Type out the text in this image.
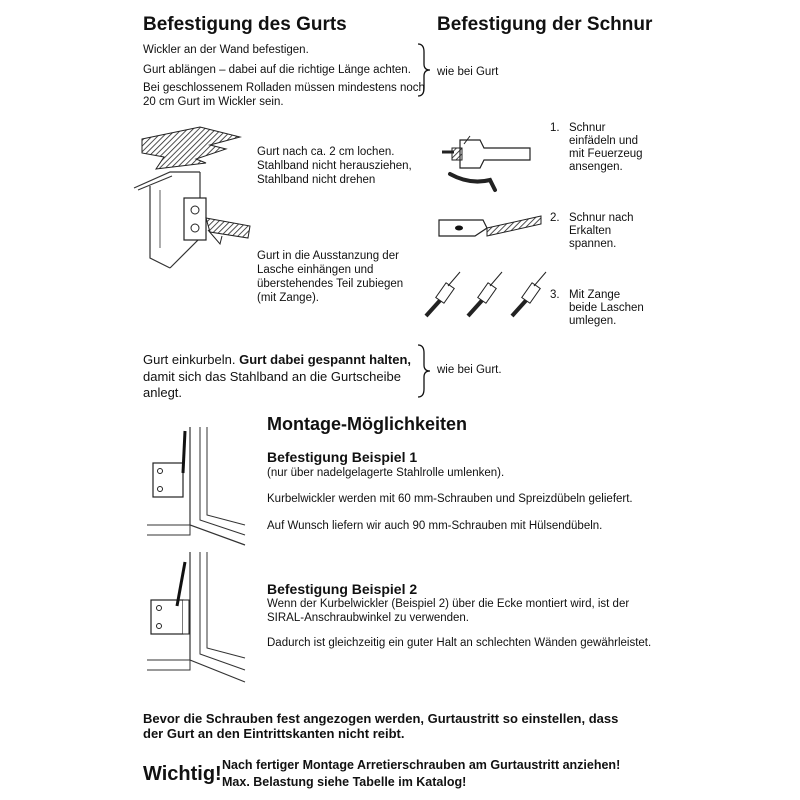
Befestigung des Gurts	Befestigung der Schnur
Wickler an der Wand befestigen.
Gurt ablängen – dabei auf die richtige Länge achten.
Bei geschlossenem Rolladen müssen mindestens noch
20 cm Gurt im Wickler sein.
wie bei Gurt
Gurt nach ca. 2 cm lochen.
Stahlband nicht herausziehen,
Stahlband nicht drehen
Gurt in die Ausstanzung der
Lasche einhängen und
überstehendes Teil zubiegen
(mit Zange).
1. Schnur
einfädeln und
mit Feuerzeug
ansengen.
2. Schnur nach
Erkalten
spannen.
3. Mit Zange
beide Laschen
umlegen.
Gurt einkurbeln. Gurt dabei gespannt halten,
damit sich das Stahlband an die Gurtscheibe
anlegt.
wie bei Gurt.
Montage-Möglichkeiten
Befestigung Beispiel 1
(nur über nadelgelagerte Stahlrolle umlenken).
Kurbelwickler werden mit 60 mm-Schrauben und Spreizdübeln geliefert.
Auf Wunsch liefern wir auch 90 mm-Schrauben mit Hülsendübeln.
Befestigung Beispiel 2
Wenn der Kurbelwickler (Beispiel 2) über die Ecke montiert wird, ist der
SIRAL-Anschraubwinkel zu verwenden.
Dadurch ist gleichzeitig ein guter Halt an schlechten Wänden gewährleistet.
Bevor die Schrauben fest angezogen werden, Gurtaustritt so einstellen, dass
der Gurt an den Eintrittskanten nicht reibt.
Wichtig! Nach fertiger Montage Arretierschrauben am Gurtaustritt anziehen!
Max. Belastung siehe Tabelle im Katalog!
